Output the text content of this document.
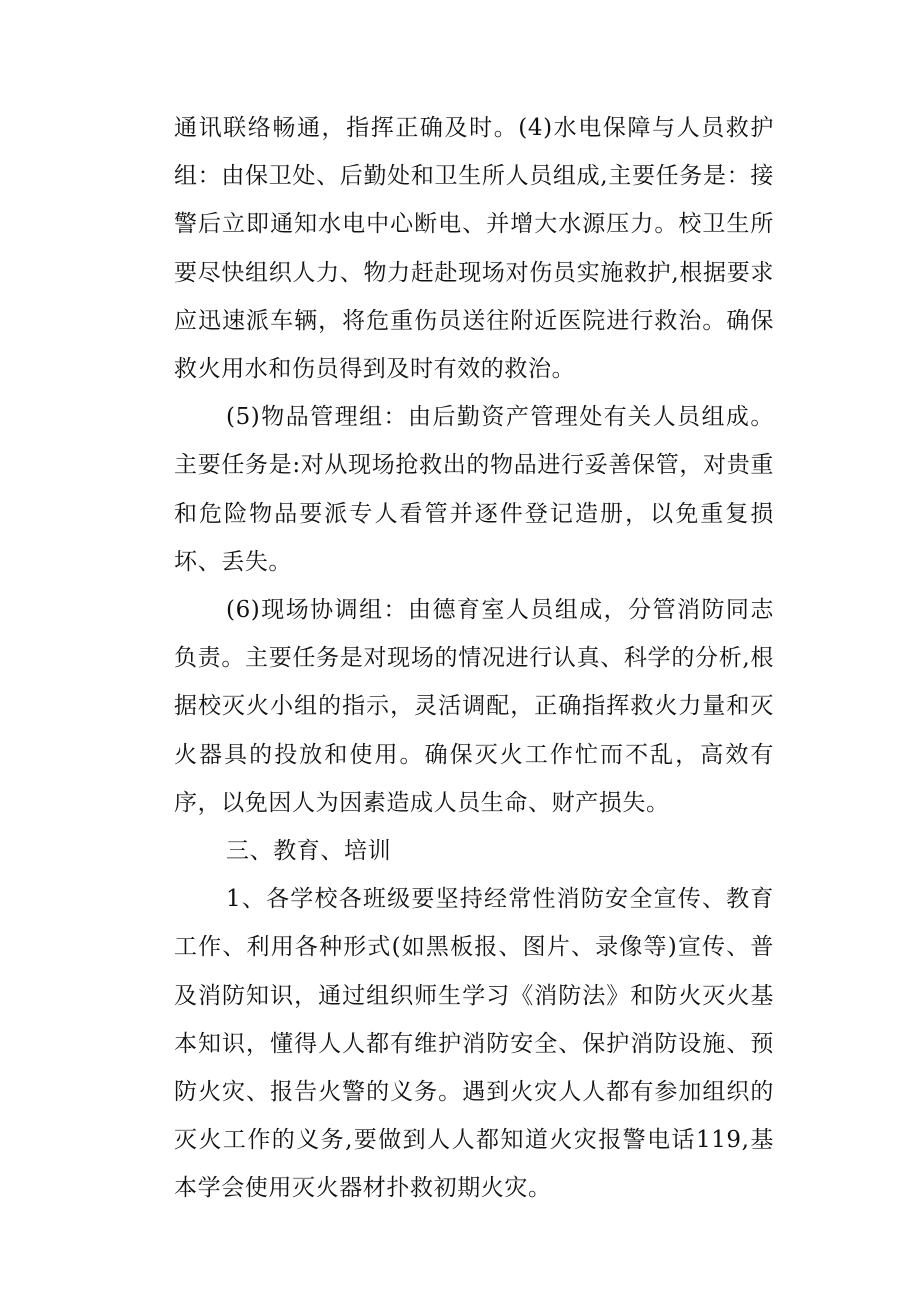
通讯联络畅通，指挥正确及时。(4)水电保障与人员救护组：由保卫处、后勤处和卫生所人员组成,主要任务是：接警后立即通知水电中心断电、并增大水源压力。校卫生所要尽快组织人力、物力赶赴现场对伤员实施救护,根据要求应迅速派车辆，将危重伤员送往附近医院进行救治。确保救火用水和伤员得到及时有效的救治。

(5)物品管理组：由后勤资产管理处有关人员组成。主要任务是:对从现场抢救出的物品进行妥善保管，对贵重和危险物品要派专人看管并逐件登记造册，以免重复损坏、丢失。

(6)现场协调组：由德育室人员组成，分管消防同志负责。主要任务是对现场的情况进行认真、科学的分析,根据校灭火小组的指示，灵活调配，正确指挥救火力量和灭火器具的投放和使用。确保灭火工作忙而不乱，高效有序，以免因人为因素造成人员生命、财产损失。

三、教育、培训

1、各学校各班级要坚持经常性消防安全宣传、教育工作、利用各种形式(如黑板报、图片、录像等)宣传、普及消防知识，通过组织师生学习《消防法》和防火灭火基本知识，懂得人人都有维护消防安全、保护消防设施、预防火灾、报告火警的义务。遇到火灾人人都有参加组织的灭火工作的义务,要做到人人都知道火灾报警电话119,基本学会使用灭火器材扑救初期火灾。
